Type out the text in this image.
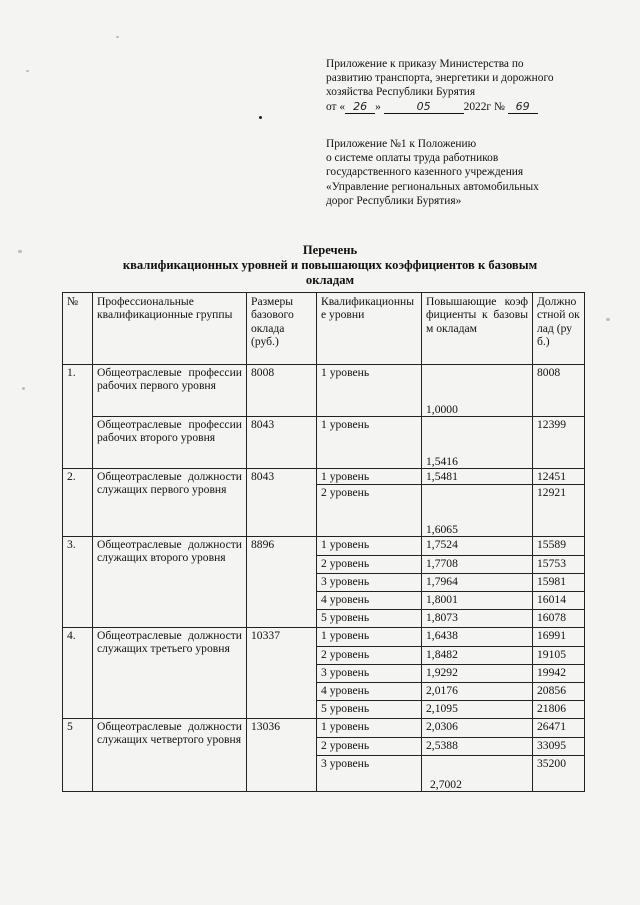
Приложение к приказу Министерства по
развитию транспорта, энергетики и дорожного
хозяйства Республики Бурятия
от « 26 »	05	2022г № 69
Приложение №1 к Положению
о системе оплаты труда работников
государственного казенного учреждения
«Управление региональных автомобильных
дорог Республики Бурятия»
Перечень
квалификационных уровней и повышающих коэффициентов к базовым
окладам
№	Профессиональные квалификационные группы	Размеры базового оклада (руб.)	Квалификационные уровни	Повышающие коэффициенты к базовым окладам	Должностной оклад (руб.)
1.	Общеотраслевые профессии рабочих первого уровня	8008	1 уровень	1,0000	8008
	Общеотраслевые профессии рабочих второго уровня	8043	1 уровень	1,5416	12399
2.	Общеотраслевые должности служащих первого уровня	8043	1 уровень	1,5481	12451
			2 уровень	1,6065	12921
3.	Общеотраслевые должности служащих второго уровня	8896	1 уровень	1,7524	15589
			2 уровень	1,7708	15753
			3 уровень	1,7964	15981
			4 уровень	1,8001	16014
			5 уровень	1,8073	16078
4.	Общеотраслевые должности служащих третьего уровня	10337	1 уровень	1,6438	16991
			2 уровень	1,8482	19105
			3 уровень	1,9292	19942
			4 уровень	2,0176	20856
			5 уровень	2,1095	21806
5	Общеотраслевые должности служащих четвертого уровня	13036	1 уровень	2,0306	26471
			2 уровень	2,5388	33095
			3 уровень	2,7002	35200
